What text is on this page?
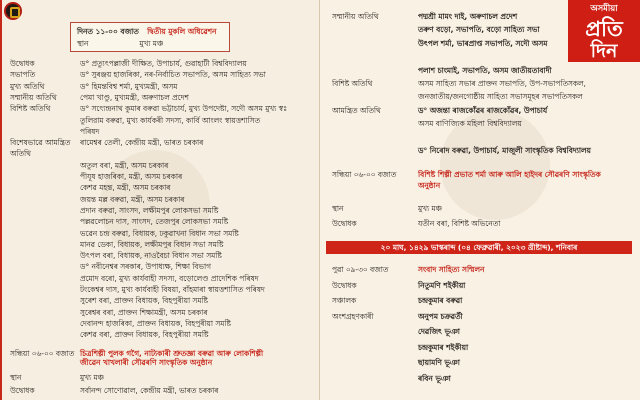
দিনত ১১-০০ বজাত দ্বিতীয় মুকলি অধিৱেশন
স্থান	মুখ্য মঞ্চ
উদ্বোধক	ড° প্ৰত্যুৎপল্লাজী দীক্ষিত, উপাচাৰ্য, গুৱাহাটী বিশ্ববিদ্যালয়
সভাপতি	ড° সুৰঞ্জয় হাজৰিকা, নৰ-নির্বাচিত সভাপতি, অসম সাহিত্য সভা
মুখ্য অতিথি	ড° হিমন্তবিশ্ব শৰ্মা, মুখ্যমন্ত্ৰী, অসম
সম্মানীয় অতিথি	পেমা খাণ্ডু, মুখ্যমন্ত্ৰী, অৰুণাচল প্ৰদেশ
বিশিষ্ট অতিথি	ড° সৎ্যেন্দ্ৰনাথ কুমাৰ বৰুৱা ভট্টাচাৰ্য, মুখ্য উপদেষ্টা, সদৌ অসম মুখ্য স্বঃ
তুলিরাম বৰুৱা, মুখ্য কাৰ্যকৰী সদস্য, কাৰ্বি আংলং স্বায়ত্তশাসিত
পৰিষদ
বিশেষভাৱে আমন্ত্ৰিত ৰামেশ্বৰ তেলী, কেন্দ্ৰীয় মন্ত্ৰী, ভাৰত চৰকাৰ
অতিথি
অতুল বৰা, মন্ত্ৰী, অসম চৰকাৰ
পীযূষ হাজৰিকা, মন্ত্ৰী, অসম চৰকাৰ
কেশৱ মহন্ত, মন্ত্ৰী, অসম চৰকাৰ
জয়ন্ত মল্ল বৰুৱা, মন্ত্ৰী, অসম চৰকাৰ
প্ৰদান বৰুৱা, সাংসদ, লক্ষীমপুৰ লোকসভা সমষ্টি
পল্লৱলোচন দাস, সাংসদ, তেজপুৰ লোকসভা সমষ্টি
ভৱেন চন্দ্ৰ বৰুৱা, বিধায়ক, ঢকুৱাখনা বিধান সভা সমষ্টি
মানৱ ডেকা, বিধায়ক, লক্ষীমপুৰ বিধান সভা সমষ্টি
উৎপল বৰা, বিধায়ক, নাওবৈচা বিধান সভা সমষ্টি
ড° নবীনেশ্বৰ সৰকাৰ, উপাধ্যক্ষ, শিক্ষা বিভাগ
প্ৰমোদ বৰো, মুখ্য কাৰ্যবাহী সদস্য, বড়োলেণ্ড প্ৰাদেশিক পৰিষদ
টংকেশ্বৰ দাস, মুখ্য কাৰ্যবাহী বিষয়া, বাঁহমাৰা স্বায়ত্তশাসিত পৰিষদ
সুৰেশ বৰা, প্ৰাক্তন বিধায়ক, বিহপুৰীয়া সমষ্টি
সুৰেশ্বৰ বৰা, প্ৰাক্তন শিক্ষামন্ত্ৰী, অসম চৰকাৰ
দেবানন্দ হাজৰিকা, প্ৰাক্তন বিধায়ক, বিহপুৰীয়া সমষ্টি
কেশৱ বৰা, প্ৰাক্তন বিধায়ক, বিহপুৰীয়া সমষ্টি
সন্ধিয়া ০৬-০০ বজাত চিত্ৰশিল্পী পুলক গগৈ, নাট্যকাৰী শ্ৰুতজ্ঞা বৰুৱা আৰু লোকশিল্পী
জীৱেন খাখলাৰী সৌৱৰণি সাংস্কৃতিক অনুষ্ঠান
স্থান	মুখ্য মঞ্চ
উদ্বোধক	সৰ্বানন্দ সোণোৱাল, কেন্দ্ৰীয় মন্ত্ৰী, ভাৰত চৰকাৰ
সম্মানীয় অতিথি	পদ্মশ্ৰী মামং দাই, অৰুণাচল প্ৰদেশ
তৰুণ বড়ো, সভাপতি, বড়ো সাহিত্য সভা
উৎপল শৰ্মা, ভাৰপ্ৰাপ্ত সভাপতি, সদৌ অসম
পলাশ চাংমাই, সভাপতি, অসম জাতীয়তাবাদী
বিশিষ্ট অতিথি	অসম সাহিত্য সভাৰ প্ৰাক্তন সভাপতি, উপ-সভাপতিসকল,
জনজাতীয়/জনগোষ্ঠীয় সাহিত্য সভাসমূহৰ সভাপতিসকল
আমন্ত্ৰিত অতিথি	ড° অজন্তা ৰাজকোঁৱৰ ৰাজকোঁৱৰ, উপাচাৰ্য
অসম বাণিজ্যিক মহিলা বিশ্ববিদ্যালয়
ড° নিৰোদ বৰুৱা, উপাচাৰ্য, মাজুলী সাংস্কৃতিক বিশ্ববিদ্যালয়
সন্ধিয়া ০৬-০০ বজাত	বিশিষ্ট শিল্পী প্ৰভাত শৰ্মা আৰু আলি হাইদৰ সৌৱৰণি সাংস্কৃতিক
অনুষ্ঠান
স্থান	মুখ্য মঞ্চ
উদ্বোধক	যতীন বৰা, বিশিষ্ট অভিনেতা
২০ মাঘ, ১৪২৯ ভাস্কৰাব্দ (০৪ ফেব্ৰুৱাৰী, ২০২৩ খ্ৰীষ্টাব্দ), শনিবাৰ
পুৱা ০৯-৩০ বজাত	সংবাদ সাহিত্য সম্মিলন
উদ্বোধক	নিতুমণি শইকীয়া
সঞ্চালক	চন্দ্ৰকুমাৰ বৰুৱা
অংশগ্ৰহণকাৰী	অনুপম চক্ৰৱৰ্তী
দেৱজিৎ ভূঞা
চন্দ্ৰকুমাৰ শইকীয়া
ছায়ামণি ভূঞা
ৰবিন ভূঞা
অসমীয়া
প্রতি
দিন
